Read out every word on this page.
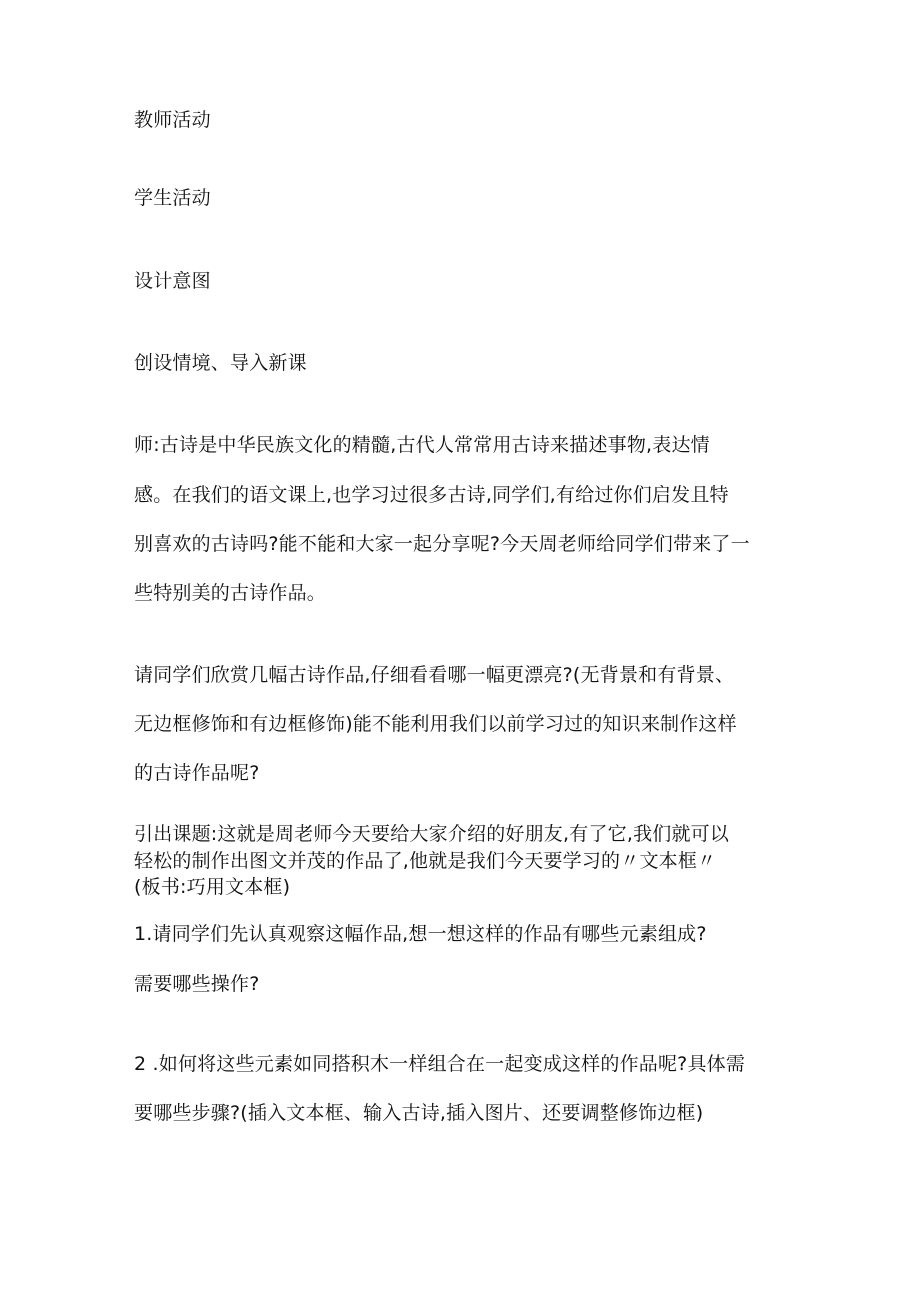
教师活动

学生活动

设计意图

创设情境、导入新课

师:古诗是中华民族文化的精髓,古代人常常用古诗来描述事物,表达情

感。在我们的语文课上,也学习过很多古诗,同学们,有给过你们启发且特

别喜欢的古诗吗?能不能和大家一起分享呢?今天周老师给同学们带来了一

些特别美的古诗作品。

请同学们欣赏几幅古诗作品,仔细看看哪一幅更漂亮?(无背景和有背景、

无边框修饰和有边框修饰)能不能利用我们以前学习过的知识来制作这样

的古诗作品呢?

引出课题:这就是周老师今天要给大家介绍的好朋友,有了它,我们就可以

轻松的制作出图文并茂的作品了,他就是我们今天要学习的〃文本框〃

(板书:巧用文本框)

1.请同学们先认真观察这幅作品,想一想这样的作品有哪些元素组成?

需要哪些操作?

2 .如何将这些元素如同搭积木一样组合在一起变成这样的作品呢?具体需

要哪些步骤?(插入文本框、输入古诗,插入图片、还要调整修饰边框)
